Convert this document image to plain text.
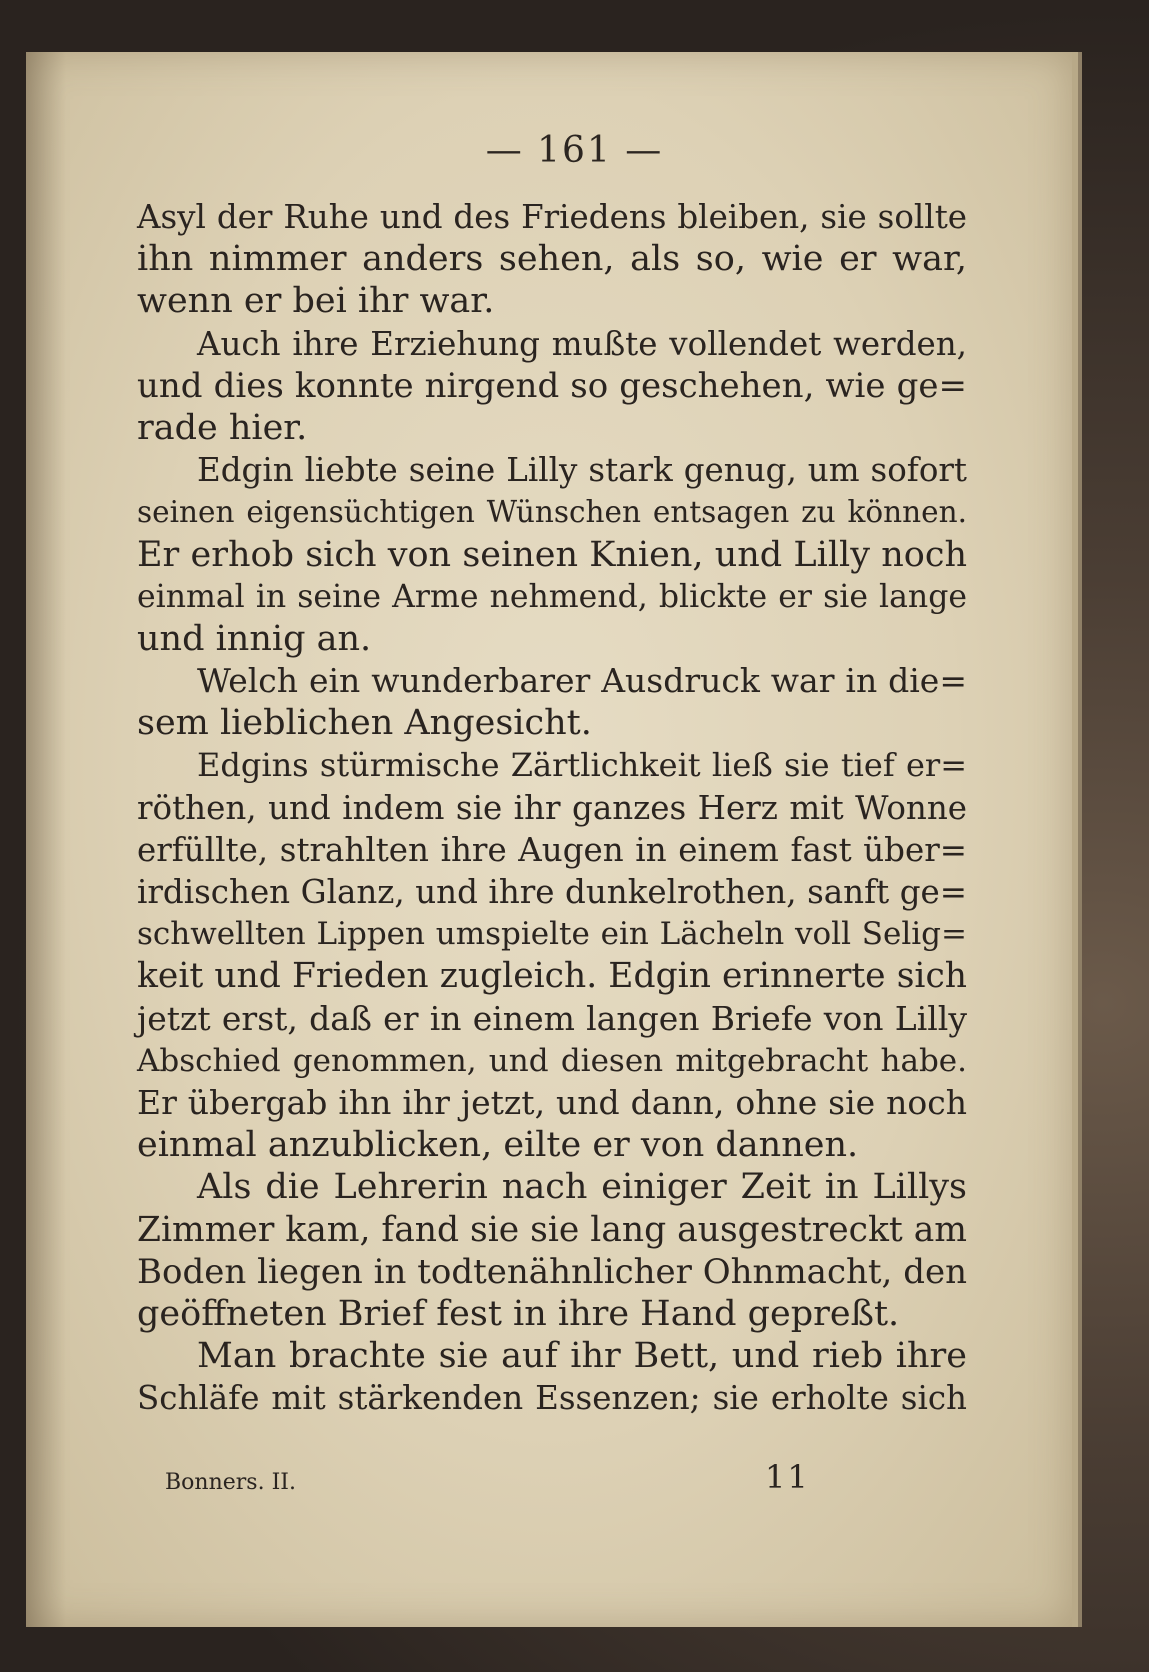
— 161 —
Asyl der Ruhe und des Friedens bleiben, sie sollte
ihn nimmer anders sehen, als so, wie er war,
wenn er bei ihr war.
Auch ihre Erziehung mußte vollendet werden,
und dies konnte nirgend so geschehen, wie ge=
rade hier.
Edgin liebte seine Lilly stark genug, um sofort
seinen eigensüchtigen Wünschen entsagen zu können.
Er erhob sich von seinen Knien, und Lilly noch
einmal in seine Arme nehmend, blickte er sie lange
und innig an.
Welch ein wunderbarer Ausdruck war in die=
sem lieblichen Angesicht.
Edgins stürmische Zärtlichkeit ließ sie tief er=
röthen, und indem sie ihr ganzes Herz mit Wonne
erfüllte, strahlten ihre Augen in einem fast über=
irdischen Glanz, und ihre dunkelrothen, sanft ge=
schwellten Lippen umspielte ein Lächeln voll Selig=
keit und Frieden zugleich. Edgin erinnerte sich
jetzt erst, daß er in einem langen Briefe von Lilly
Abschied genommen, und diesen mitgebracht habe.
Er übergab ihn ihr jetzt, und dann, ohne sie noch
einmal anzublicken, eilte er von dannen.
Als die Lehrerin nach einiger Zeit in Lillys
Zimmer kam, fand sie sie lang ausgestreckt am
Boden liegen in todtenähnlicher Ohnmacht, den
geöffneten Brief fest in ihre Hand gepreßt.
Man brachte sie auf ihr Bett, und rieb ihre
Schläfe mit stärkenden Essenzen; sie erholte sich
Bonners. II.	11
